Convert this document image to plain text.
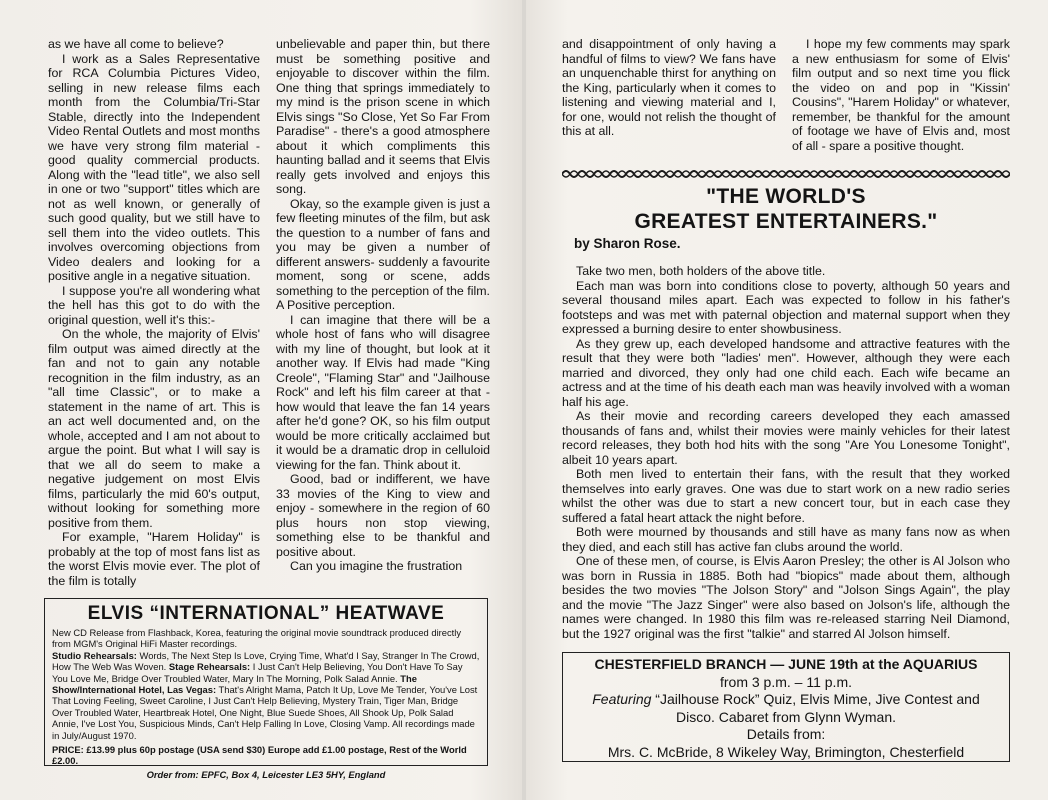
as we have all come to believe?

I work as a Sales Representative for RCA Columbia Pictures Video, selling in new release films each month from the Columbia/Tri-Star Stable, directly into the Independent Video Rental Outlets and most months we have very strong film material - good quality commercial products. Along with the "lead title", we also sell in one or two "support" titles which are not as well known, or generally of such good quality, but we still have to sell them into the video outlets. This involves overcoming objections from Video dealers and looking for a positive angle in a negative situation.

I suppose you're all wondering what the hell has this got to do with the original question, well it's this:-

On the whole, the majority of Elvis' film output was aimed directly at the fan and not to gain any notable recognition in the film industry, as an "all time Classic", or to make a statement in the name of art. This is an act well documented and, on the whole, accepted and I am not about to argue the point. But what I will say is that we all do seem to make a negative judgement on most Elvis films, particularly the mid 60's output, without looking for something more positive from them.

For example, "Harem Holiday" is probably at the top of most fans list as the worst Elvis movie ever. The plot of the film is totally

unbelievable and paper thin, but there must be something positive and enjoyable to discover within the film. One thing that springs immediately to my mind is the prison scene in which Elvis sings "So Close, Yet So Far From Paradise" - there's a good atmosphere about it which compliments this haunting ballad and it seems that Elvis really gets involved and enjoys this song.

Okay, so the example given is just a few fleeting minutes of the film, but ask the question to a number of fans and you may be given a number of different answers- suddenly a favourite moment, song or scene, adds something to the perception of the film. A Positive perception.

I can imagine that there will be a whole host of fans who will disagree with my line of thought, but look at it another way. If Elvis had made "King Creole", "Flaming Star" and "Jailhouse Rock" and left his film career at that - how would that leave the fan 14 years after he'd gone? OK, so his film output would be more critically acclaimed but it would be a dramatic drop in celluloid viewing for the fan. Think about it.

Good, bad or indifferent, we have 33 movies of the King to view and enjoy - somewhere in the region of 60 plus hours non stop viewing, something else to be thankful and positive about.

Can you imagine the frustration

ELVIS “INTERNATIONAL” HEATWAVE

New CD Release from Flashback, Korea, featuring the original movie soundtrack produced directly from MGM's Original HiFi Master recordings.

Studio Rehearsals: Words, The Next Step Is Love, Crying Time, What'd I Say, Stranger In The Crowd, How The Web Was Woven. Stage Rehearsals: I Just Can't Help Believing, You Don't Have To Say You Love Me, Bridge Over Troubled Water, Mary In The Morning, Polk Salad Annie. The Show/International Hotel, Las Vegas: That's Alright Mama, Patch It Up, Love Me Tender, You've Lost That Loving Feeling, Sweet Caroline, I Just Can't Help Believing, Mystery Train, Tiger Man, Bridge Over Troubled Water, Heartbreak Hotel, One Night, Blue Suede Shoes, All Shook Up, Polk Salad Annie, I've Lost You, Suspicious Minds, Can't Help Falling In Love, Closing Vamp. All recordings made in July/August 1970.

PRICE: £13.99 plus 60p postage (USA send $30) Europe add £1.00 postage, Rest of the World £2.00.

Order from: EPFC, Box 4, Leicester LE3 5HY, England

and disappointment of only having a handful of films to view? We fans have an unquenchable thirst for anything on the King, particularly when it comes to listening and viewing material and I, for one, would not relish the thought of this at all.

I hope my few comments may spark a new enthusiasm for some of Elvis' film output and so next time you flick the video on and pop in "Kissin' Cousins", "Harem Holiday" or whatever, remember, be thankful for the amount of footage we have of Elvis and, most of all - spare a positive thought.

"THE WORLD'S
GREATEST ENTERTAINERS."
by Sharon Rose.

Take two men, both holders of the above title.

Each man was born into conditions close to poverty, although 50 years and several thousand miles apart. Each was expected to follow in his father's footsteps and was met with paternal objection and maternal support when they expressed a burning desire to enter showbusiness.

As they grew up, each developed handsome and attractive features with the result that they were both "ladies' men". However, although they were each married and divorced, they only had one child each. Each wife became an actress and at the time of his death each man was heavily involved with a woman half his age.

As their movie and recording careers developed they each amassed thousands of fans and, whilst their movies were mainly vehicles for their latest record releases, they both hod hits with the song "Are You Lonesome Tonight", albeit 10 years apart.

Both men lived to entertain their fans, with the result that they worked themselves into early graves. One was due to start work on a new radio series whilst the other was due to start a new concert tour, but in each case they suffered a fatal heart attack the night before.

Both were mourned by thousands and still have as many fans now as when they died, and each still has active fan clubs around the world.

One of these men, of course, is Elvis Aaron Presley; the other is Al Jolson who was born in Russia in 1885. Both had "biopics" made about them, although besides the two movies "The Jolson Story" and "Jolson Sings Again", the play and the movie "The Jazz Singer" were also based on Jolson's life, although the names were changed. In 1980 this film was re-released starring Neil Diamond, but the 1927 original was the first "talkie" and starred Al Jolson himself.

CHESTERFIELD BRANCH — JUNE 19th at the AQUARIUS

from 3 p.m. – 11 p.m.

Featuring “Jailhouse Rock” Quiz, Elvis Mime, Jive Contest and

Disco. Cabaret from Glynn Wyman.

Details from:

Mrs. C. McBride, 8 Wikeley Way, Brimington, Chesterfield
